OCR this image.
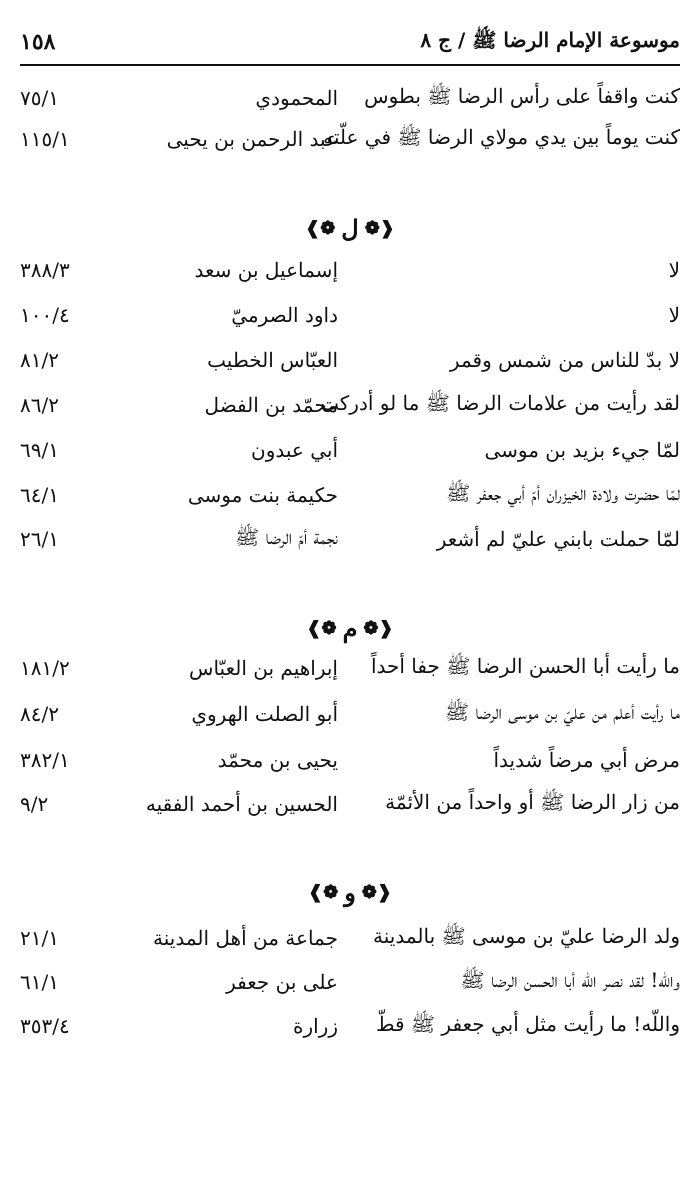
١٥٨	موسوعة الإمام الرضا ﷺ / ج ٨
كنت واقفاً على رأس الرضا ﷺ بطوس
المحمودي
٧٥/١
كنت يوماً بين يدي مولاي الرضا ﷺ في علّته
عبد الرحمن بن يحيى
١١٥/١
❰❁ ل ❁❱
لا
إسماعيل بن سعد
٣٨٨/٣
لا
داود الصرميّ
١٠٠/٤
لا بدّ للناس من شمس وقمر
العبّاس الخطيب
٨١/٢
لقد رأيت من علامات الرضا ﷺ ما لو أدركت
محمّد بن الفضل
٨٦/٢
لمّا جيء بزيد بن موسى
أبي عبدون
٦٩/١
لمّا حضرت ولادة الخيزران أمّ أبي جعفر ﷺ
حكيمة بنت موسى
٦٤/١
لمّا حملت بابني عليّ لم أشعر
نجمة أمّ الرضا ﷺ
٢٦/١
❰❁ م ❁❱
ما رأيت أبا الحسن الرضا ﷺ جفا أحداً
إبراهيم بن العبّاس
١٨١/٢
ما رأيت أعلم من عليّ بن موسى الرضا ﷺ
أبو الصلت الهروي
٨٤/٢
مرض أبي مرضاً شديداً
يحيى بن محمّد
٣٨٢/١
من زار الرضا ﷺ أو واحداً من الأئمّة
الحسين بن أحمد الفقيه
٩/٢
❰❁ و ❁❱
ولد الرضا عليّ بن موسى ﷺ بالمدينة
جماعة من أهل المدينة
٢١/١
واللّه! لقد نصر اللّه أبا الحسن الرضا ﷺ
على بن جعفر
٦١/١
واللّه! ما رأيت مثل أبي جعفر ﷺ قطّ
زرارة
٣٥٣/٤
